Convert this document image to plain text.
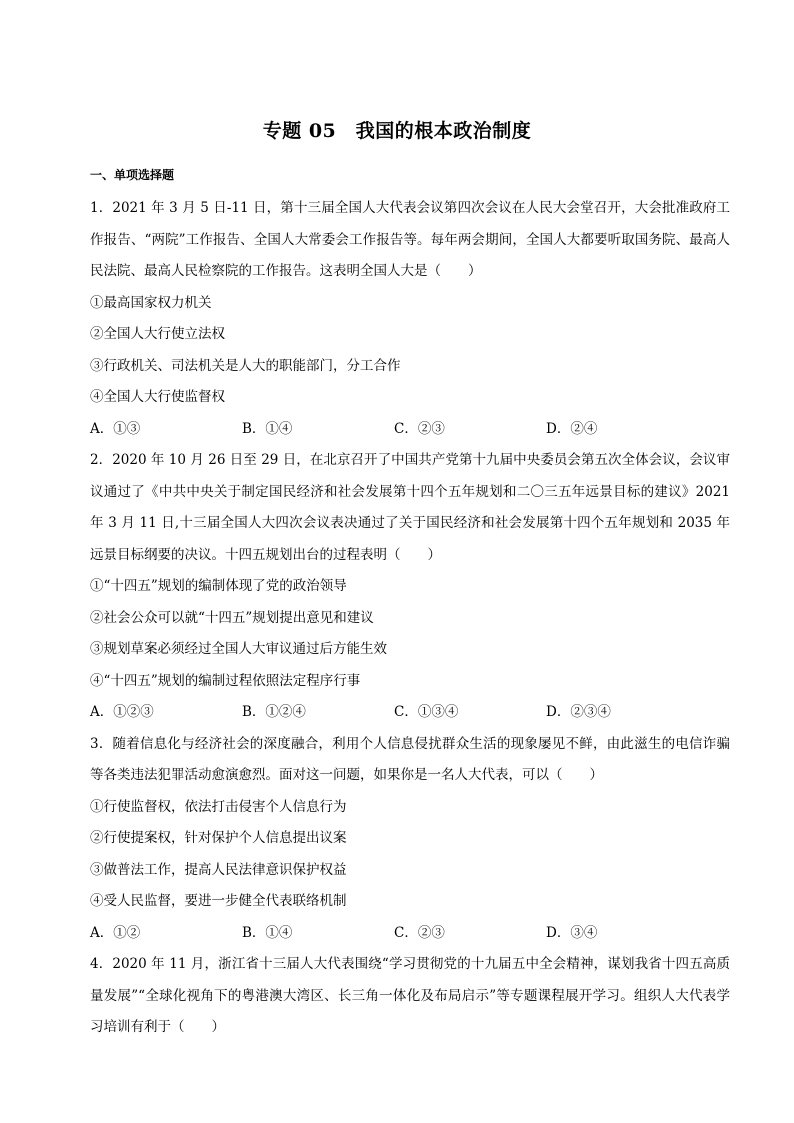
专题 05　我国的根本政治制度
一、单项选择题

1．2021 年 3 月 5 日-11 日，第十三届全国人大代表会议第四次会议在人民大会堂召开，大会批准政府工作报告、“两院”工作报告、全国人大常委会工作报告等。每年两会期间，全国人大都要听取国务院、最高人民法院、最高人民检察院的工作报告。这表明全国人大是（　　）

①最高国家权力机关

②全国人大行使立法权

③行政机关、司法机关是人大的职能部门，分工合作

④全国人大行使监督权

A．①③	B．①④	C．②③	D．②④

2．2020 年 10 月 26 日至 29 日，在北京召开了中国共产党第十九届中央委员会第五次全体会议，会议审议通过了《中共中央关于制定国民经济和社会发展第十四个五年规划和二〇三五年远景目标的建议》2021 年 3 月 11 日,十三届全国人大四次会议表决通过了关于国民经济和社会发展第十四个五年规划和 2035 年远景目标纲要的决议。十四五规划出台的过程表明（　　）

①“十四五”规划的编制体现了党的政治领导

②社会公众可以就“十四五”规划提出意见和建议

③规划草案必须经过全国人大审议通过后方能生效

④“十四五”规划的编制过程依照法定程序行事

A．①②③	B．①②④	C．①③④	D．②③④

3．随着信息化与经济社会的深度融合，利用个人信息侵扰群众生活的现象屡见不鲜，由此滋生的电信诈骗等各类违法犯罪活动愈演愈烈。面对这一问题，如果你是一名人大代表，可以（　　）

①行使监督权，依法打击侵害个人信息行为

②行使提案权，针对保护个人信息提出议案

③做普法工作，提高人民法律意识保护权益

④受人民监督，要进一步健全代表联络机制

A．①②	B．①④	C．②③	D．③④

4．2020 年 11 月，浙江省十三届人大代表围绕“学习贯彻党的十九届五中全会精神，谋划我省十四五高质量发展”“全球化视角下的粤港澳大湾区、长三角一体化及布局启示”等专题课程展开学习。组织人大代表学习培训有利于（　　）
